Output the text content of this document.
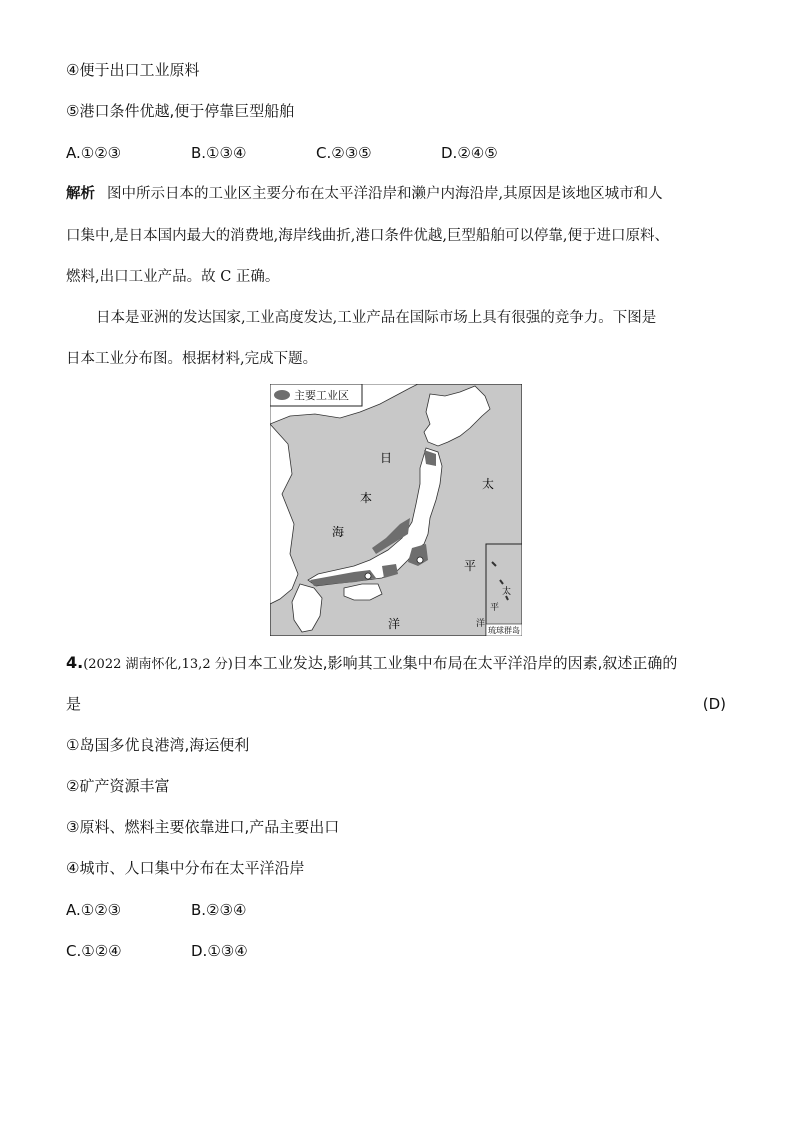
④便于出口工业原料
⑤港口条件优越,便于停靠巨型船舶
A.①②③	B.①③④	C.②③⑤	D.②④⑤
解析 图中所示日本的工业区主要分布在太平洋沿岸和濑户内海沿岸,其原因是该地区城市和人
口集中,是日本国内最大的消费地,海岸线曲折,港口条件优越,巨型船舶可以停靠,便于进口原料、
燃料,出口工业产品。故 C 正确。
日本是亚洲的发达国家,工业高度发达,工业产品在国际市场上具有很强的竞争力。下图是
日本工业分布图。根据材料,完成下题。
主要工业区
日
本
海
太
平
洋
太
平
洋
琉球群岛
4.(2022 湖南怀化,13,2 分)日本工业发达,影响其工业集中布局在太平洋沿岸的因素,叙述正确的
是	(D)
①岛国多优良港湾,海运便利
②矿产资源丰富
③原料、燃料主要依靠进口,产品主要出口
④城市、人口集中分布在太平洋沿岸
A.①②③	B.②③④
C.①②④	D.①③④
